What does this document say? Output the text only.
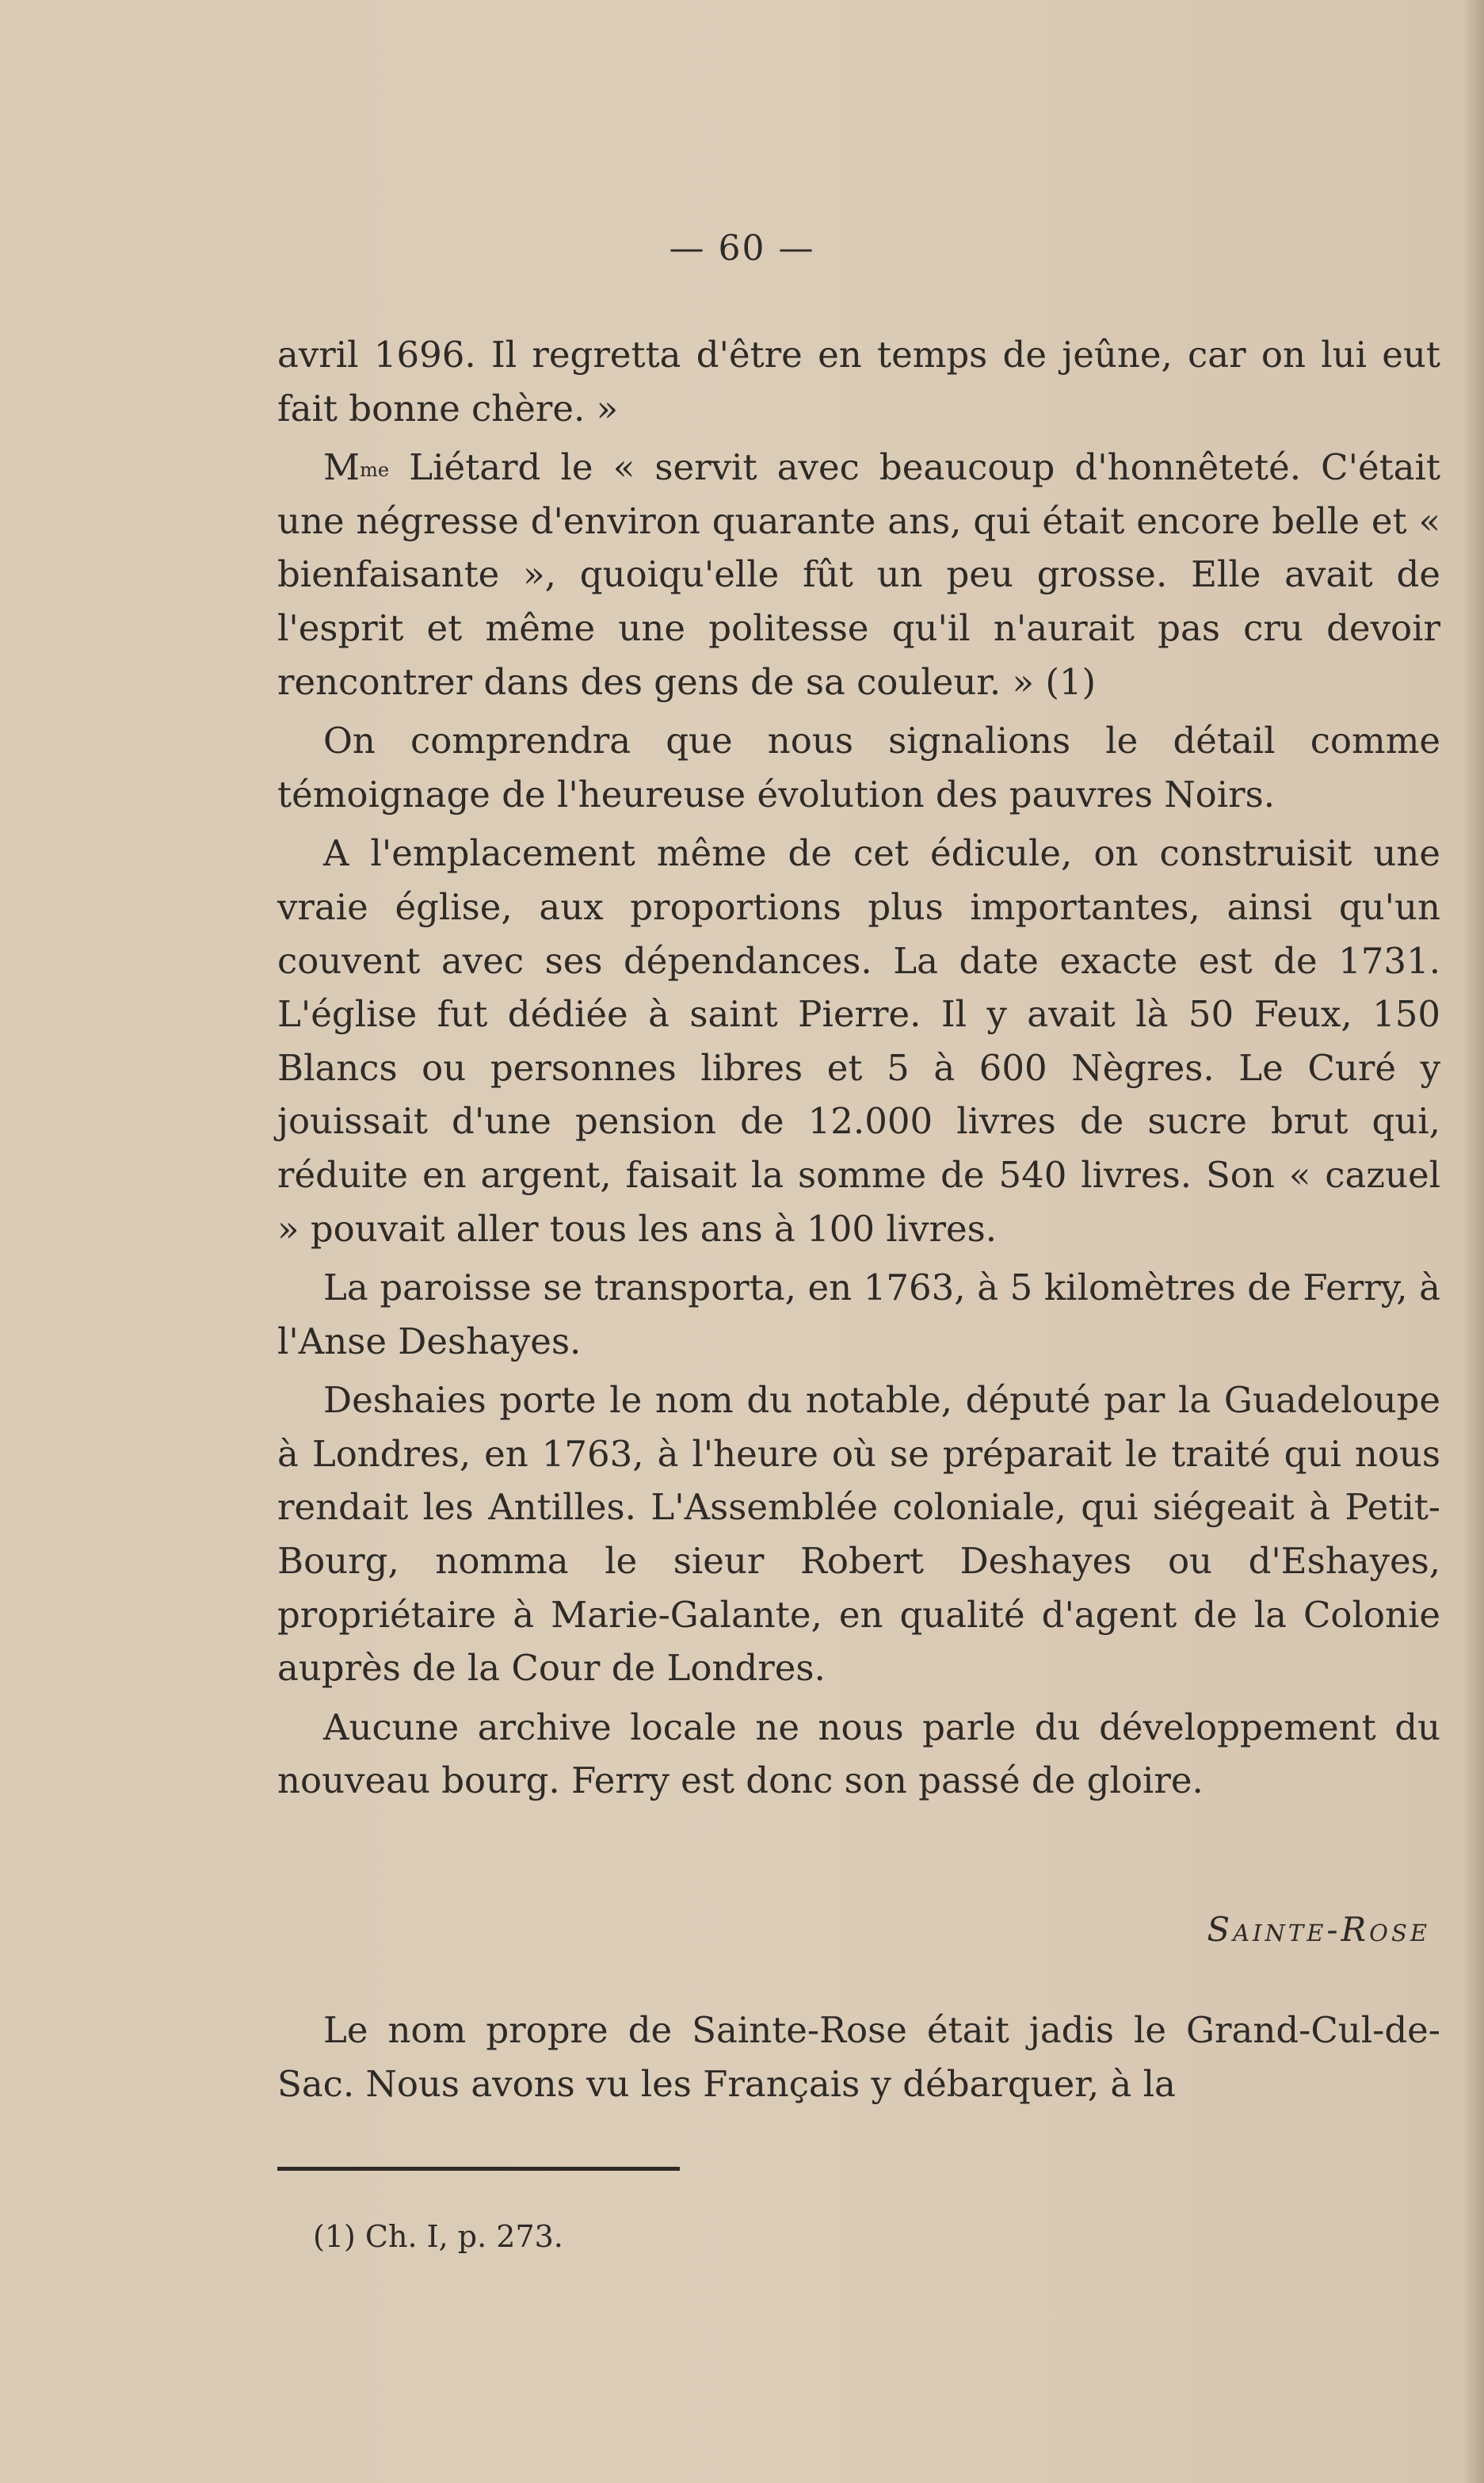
— 60 —

avril 1696. Il regretta d'être en temps de jeûne, car on lui eut fait bonne chère. »

$M^{me}$ Liétard le « servit avec beaucoup d'honnêteté. C'était une négresse d'environ quarante ans, qui était encore belle et « bienfaisante », quoiqu'elle fût un peu grosse. Elle avait de l'esprit et même une politesse qu'il n'aurait pas cru devoir rencontrer dans des gens de sa couleur. » (1)

On comprendra que nous signalions le détail comme témoignage de l'heureuse évolution des pauvres Noirs.

A l'emplacement même de cet édicule, on construisit une vraie église, aux proportions plus importantes, ainsi qu'un couvent avec ses dépendances. La date exacte est de 1731. L'église fut dédiée à saint Pierre. Il y avait là 50 Feux, 150 Blancs ou personnes libres et 5 à 600 Nègres. Le Curé y jouissait d'une pension de 12.000 livres de sucre brut qui, réduite en argent, faisait la somme de 540 livres. Son « cazuel » pouvait aller tous les ans à 100 livres.

La paroisse se transporta, en 1763, à 5 kilomètres de Ferry, à l'Anse Deshayes.

Deshaies porte le nom du notable, député par la Guadeloupe à Londres, en 1763, à l'heure où se préparait le traité qui nous rendait les Antilles. L'Assemblée coloniale, qui siégeait à Petit-Bourg, nomma le sieur Robert Deshayes ou d'Eshayes, propriétaire à Marie-Galante, en qualité d'agent de la Colonie auprès de la Cour de Londres.

Aucune archive locale ne nous parle du développement du nouveau bourg. Ferry est donc son passé de gloire.

Sainte-Rose

Le nom propre de Sainte-Rose était jadis le Grand-Cul-de-Sac. Nous avons vu les Français y débarquer, à la

(1) Ch. I, p. 273.
